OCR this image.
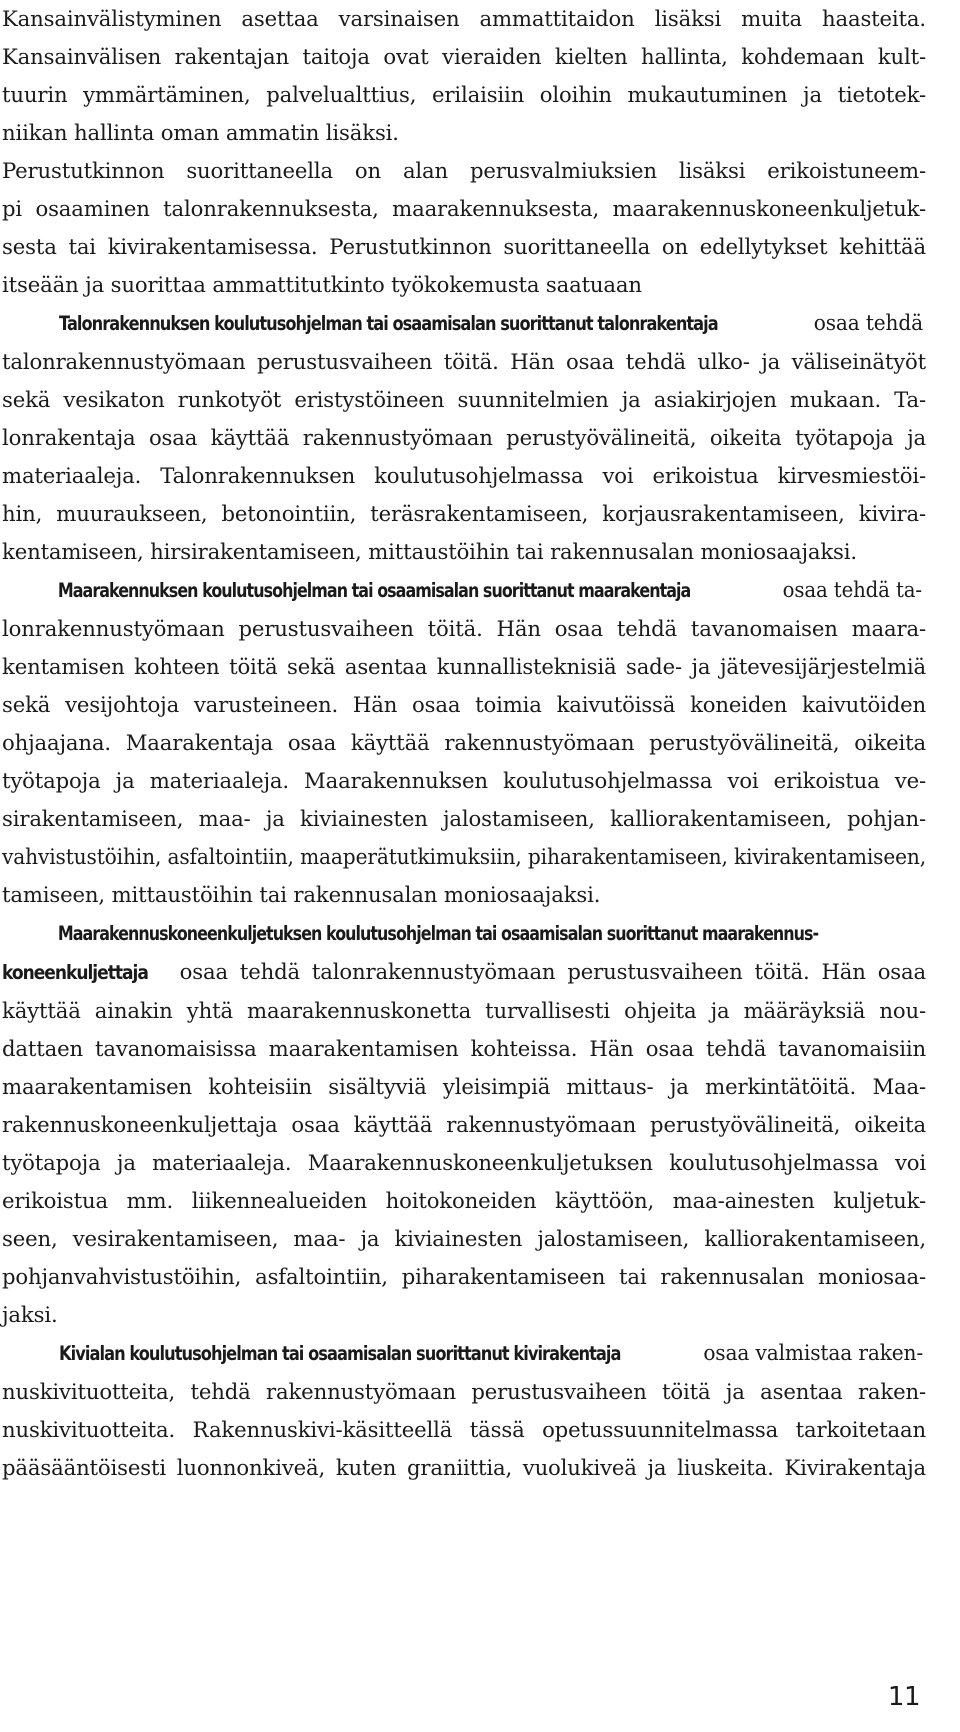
Kansainvälistyminen asettaa varsinaisen ammattitaidon lisäksi muita haasteita.
Kansainvälisen rakentajan taitoja ovat vieraiden kielten hallinta, kohdemaan kult-
tuurin ymmärtäminen, palvelualttius, erilaisiin oloihin mukautuminen ja tietotek-
niikan hallinta oman ammatin lisäksi.

Perustutkinnon suorittaneella on alan perusvalmiuksien lisäksi erikoistuneem-
pi osaaminen talonrakennuksesta, maarakennuksesta, maarakennuskoneenkuljetuk-
sesta tai kivirakentamisessa. Perustutkinnon suorittaneella on edellytykset kehittää
itseään ja suorittaa ammattitutkinto työkokemusta saatuaan

Talonrakennuksen koulutusohjelman tai osaamisalan suorittanut talonrakentaja	osaa tehdä
talonrakennustyömaan perustusvaiheen töitä. Hän osaa tehdä ulko- ja väliseinätyöt
sekä vesikaton runkotyöt eristystöineen suunnitelmien ja asiakirjojen mukaan. Ta-
lonrakentaja osaa käyttää rakennustyömaan perustyövälineitä, oikeita työtapoja ja
materiaaleja. Talonrakennuksen koulutusohjelmassa voi erikoistua kirvesmiestöi-
hin, muuraukseen, betonointiin, teräsrakentamiseen, korjausrakentamiseen, kivira-
kentamiseen, hirsirakentamiseen, mittaustöihin tai rakennusalan moniosaajaksi.

Maarakennuksen koulutusohjelman tai osaamisalan suorittanut maarakentaja	osaa tehdä ta-
lonrakennustyömaan perustusvaiheen töitä. Hän osaa tehdä tavanomaisen maara-
kentamisen kohteen töitä sekä asentaa kunnallisteknisiä sade- ja jätevesijärjestelmiä
sekä vesijohtoja varusteineen. Hän osaa toimia kaivutöissä koneiden kaivutöiden
ohjaajana. Maarakentaja osaa käyttää rakennustyömaan perustyövälineitä, oikeita
työtapoja ja materiaaleja. Maarakennuksen koulutusohjelmassa voi erikoistua ve-
sirakentamiseen, maa- ja kiviainesten jalostamiseen, kalliorakentamiseen, pohjan-
vahvistustöihin, asfaltointiin, maaperätutkimuksiin, piharakentamiseen, kivirakentamiseen,
tamiseen, mittaustöihin tai rakennusalan moniosaajaksi.

Maarakennuskoneenkuljetuksen koulutusohjelman tai osaamisalan suorittanut maarakennus-
koneenkuljettaja osaa tehdä talonrakennustyömaan perustusvaiheen töitä. Hän osaa
käyttää ainakin yhtä maarakennuskonetta turvallisesti ohjeita ja määräyksiä nou-
dattaen tavanomaisissa maarakentamisen kohteissa. Hän osaa tehdä tavanomaisiin
maarakentamisen kohteisiin sisältyviä yleisimpiä mittaus- ja merkintätöitä. Maa-
rakennuskoneenkuljettaja osaa käyttää rakennustyömaan perustyövälineitä, oikeita
työtapoja ja materiaaleja. Maarakennuskoneenkuljetuksen koulutusohjelmassa voi
erikoistua mm. liikennealueiden hoitokoneiden käyttöön, maa-ainesten kuljetuk-
seen, vesirakentamiseen, maa- ja kiviainesten jalostamiseen, kalliorakentamiseen,
pohjanvahvistustöihin, asfaltointiin, piharakentamiseen tai rakennusalan moniosaa-
jaksi.

Kivialan koulutusohjelman tai osaamisalan suorittanut kivirakentaja	osaa valmistaa raken-
nuskivituotteita, tehdä rakennustyömaan perustusvaiheen töitä ja asentaa raken-
nuskivituotteita. Rakennuskivi-käsitteellä tässä opetussuunnitelmassa tarkoitetaan
pääsääntöisesti luonnonkiveä, kuten graniittia, vuolukiveä ja liuskeita. Kivirakentaja

11
